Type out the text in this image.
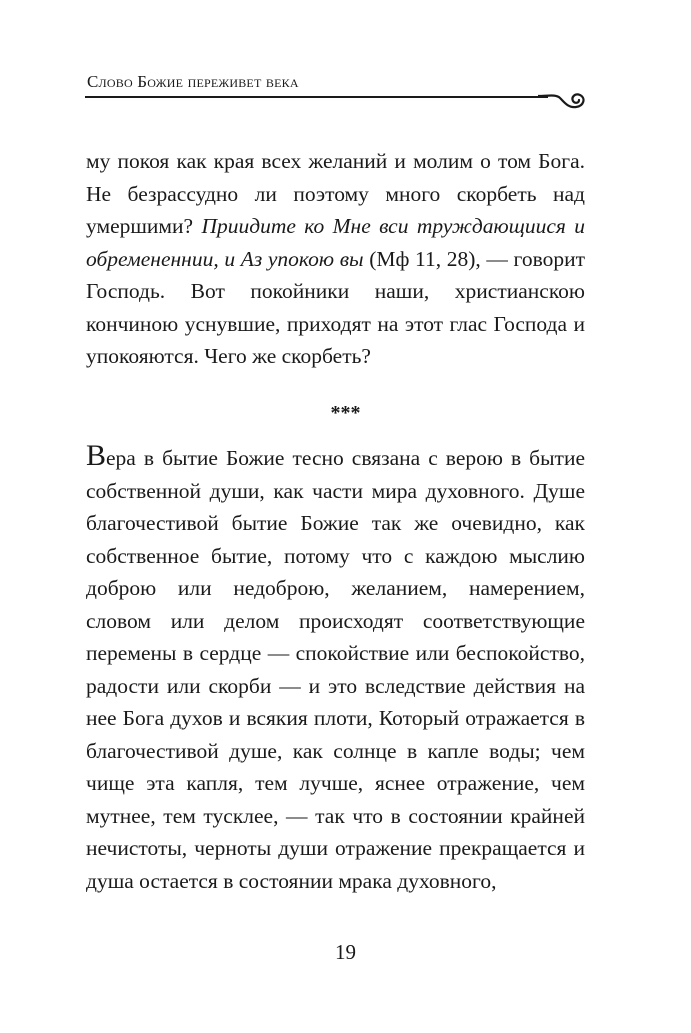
Слово Божие переживет века
му покоя как края всех желаний и молим о том Бога. Не безрассудно ли поэтому много скорбеть над умершими? Приидите ко Мне вси труждающиися и обремененнии, и Аз упокою вы (Мф 11, 28), — говорит Господь. Вот покойники наши, христианскою кончиною уснувшие, приходят на этот глас Господа и упокояются. Чего же скорбеть?
***
Вера в бытие Божие тесно связана с верою в бытие собственной души, как части мира духовного. Душе благочестивой бытие Божие так же очевидно, как собственное бытие, потому что с каждою мыслию доброю или недоброю, желанием, намерением, словом или делом происходят соответствующие перемены в сердце — спокойствие или беспокойство, радости или скорби — и это вследствие действия на нее Бога духов и всякия плоти, Который отражается в благочестивой душе, как солнце в капле воды; чем чище эта капля, тем лучше, яснее отражение, чем мутнее, тем тусклее, — так что в состоянии крайней нечистоты, черноты души отражение прекращается и душа остается в состоянии мрака духовного,
19
